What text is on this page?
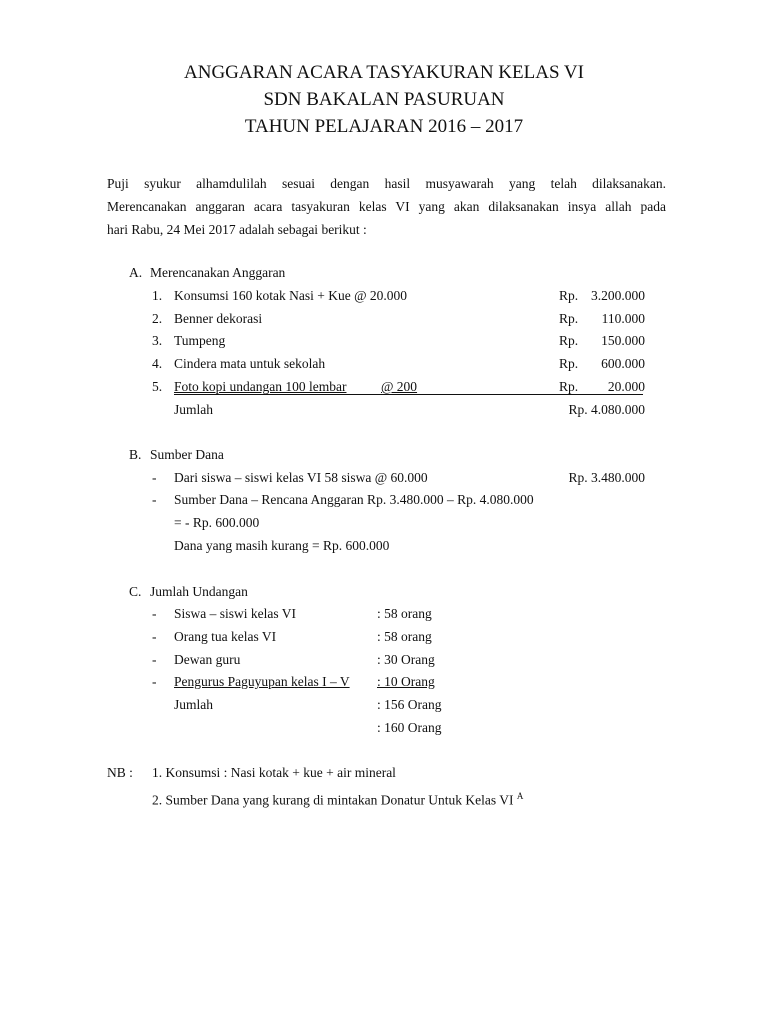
ANGGARAN ACARA TASYAKURAN KELAS VI
SDN BAKALAN PASURUAN
TAHUN PELAJARAN 2016 – 2017
Puji syukur alhamdulilah sesuai dengan hasil musyawarah yang telah dilaksanakan.
Merencanakan anggaran acara tasyakuran kelas VI yang akan dilaksanakan insya allah pada
hari Rabu, 24 Mei 2017 adalah sebagai berikut :
A. Merencanakan Anggaran
1. Konsumsi 160 kotak Nasi + Kue @ 20.000	Rp. 3.200.000
2. Benner dekorasi	Rp. 110.000
3. Tumpeng	Rp. 150.000
4. Cindera mata untuk sekolah	Rp. 600.000
5. Foto kopi undangan 100 lembar	@ 200	Rp. 20.000
Jumlah	Rp. 4.080.000
B. Sumber Dana
- Dari siswa – siswi kelas VI 58 siswa @ 60.000	Rp. 3.480.000
- Sumber Dana – Rencana Anggaran Rp. 3.480.000 – Rp. 4.080.000
= - Rp. 600.000
Dana yang masih kurang = Rp. 600.000
C. Jumlah Undangan
- Siswa – siswi kelas VI	: 58 orang
- Orang tua kelas VI	: 58 orang
- Dewan guru	: 30 Orang
- Pengurus Paguyupan kelas I – V : 10 Orang
Jumlah	: 156 Orang
: 160 Orang
NB : 1. Konsumsi : Nasi kotak + kue + air mineral
2. Sumber Dana yang kurang di mintakan Donatur Untuk Kelas VI $^A$
